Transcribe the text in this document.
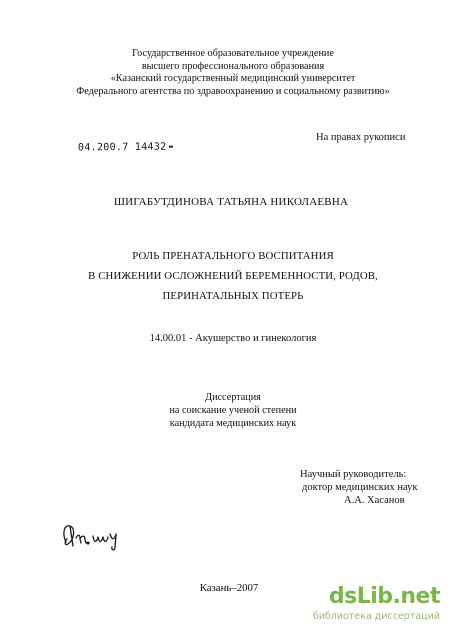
Государственное образовательное учреждение
высшего профессионального образования
«Казанский государственный медицинский университет
Федерального агентства по здравоохранению и социальному развитию»
На правах рукописи
04.200.7 14432
ШИГАБУТДИНОВА ТАТЬЯНА НИКОЛАЕВНА
РОЛЬ ПРЕНАТАЛЬНОГО ВОСПИТАНИЯ
В СНИЖЕНИИ ОСЛОЖНЕНИЙ БЕРЕМЕННОСТИ, РОДОВ,
ПЕРИНАТАЛЬНЫХ ПОТЕРЬ
14.00.01 - Акушерство и гинекология
Диссертация
на соискание ученой степени
кандидата медицинских наук
Научный руководитель:
доктор медицинских наук
А.А. Хасанов
Казань–2007	dsLib.net
библиотека диссертаций
